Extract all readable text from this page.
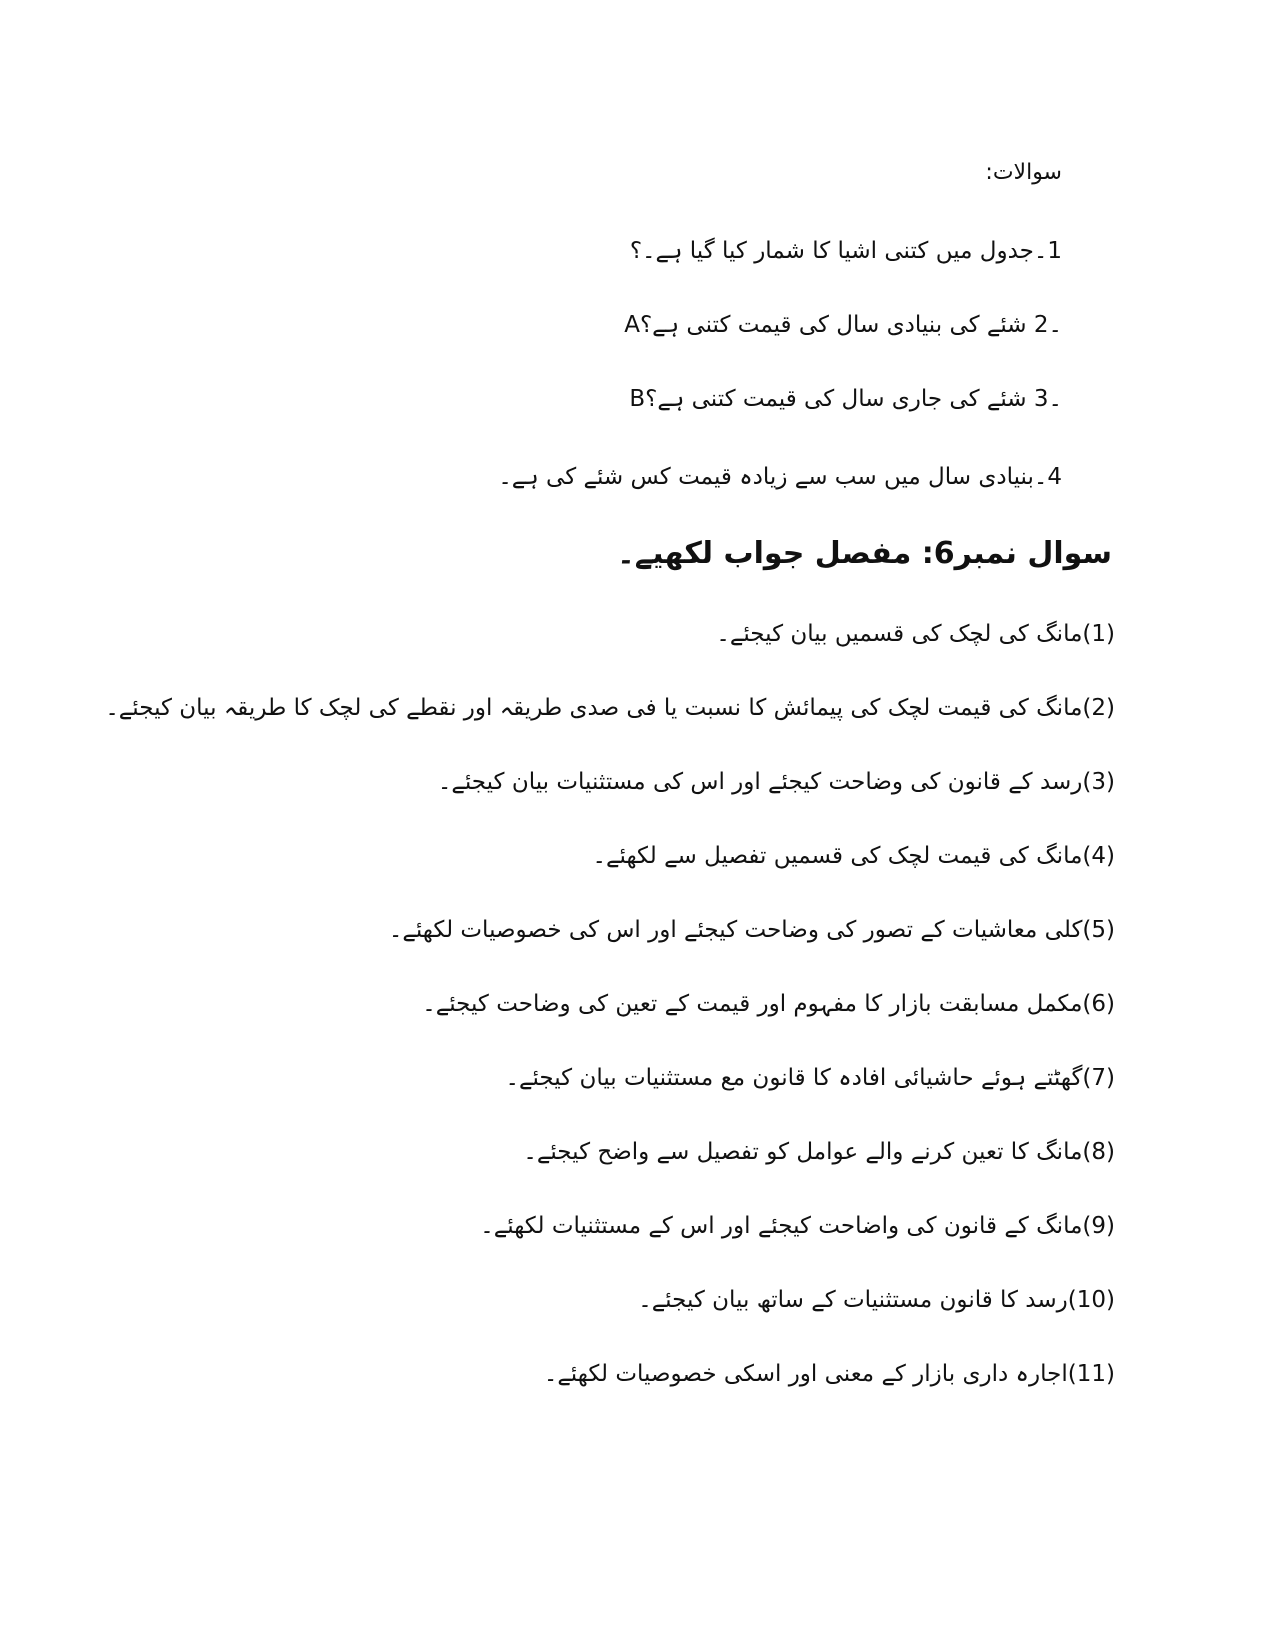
سوالات:
1۔جدول میں کتنی اشیا کا شمار کیا گیا ہے۔؟
A۔2 شئے کی بنیادی سال کی قیمت کتنی ہے؟
B۔3 شئے کی جاری سال کی قیمت کتنی ہے؟
4۔بنیادی سال میں سب سے زیادہ قیمت کس شئے کی ہے۔
سوال نمبر6: مفصل جواب لکھیے۔
(1)مانگ کی لچک کی قسمیں بیان کیجئے۔
(2)مانگ کی قیمت لچک کی پیمائش کا نسبت یا فی صدی طریقہ اور نقطے کی لچک کا طریقہ بیان کیجئے۔
(3)رسد کے قانون کی وضاحت کیجئے اور اس کی مستثنیات بیان کیجئے۔
(4)مانگ کی قیمت لچک کی قسمیں تفصیل سے لکھئے۔
(5)کلی معاشیات کے تصور کی وضاحت کیجئے اور اس کی خصوصیات لکھئے۔
(6)مکمل مسابقت بازار کا مفہوم اور قیمت کے تعین کی وضاحت کیجئے۔
(7)گھٹتے ہوئے حاشیائی افادہ کا قانون مع مستثنیات بیان کیجئے۔
(8)مانگ کا تعین کرنے والے عوامل کو تفصیل سے واضح کیجئے۔
(9)مانگ کے قانون کی واضاحت کیجئے اور اس کے مستثنیات لکھئے۔
(10)رسد کا قانون مستثنیات کے ساتھ بیان کیجئے۔
(11)اجارہ داری بازار کے معنی اور اسکی خصوصیات لکھئے۔
